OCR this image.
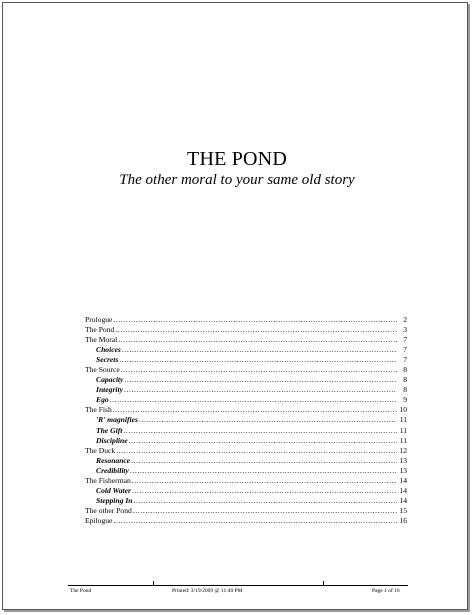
THE POND
The other moral to your same old story
Prologue .....	2
The Pond .....	3
The Moral .....	7
Choices .....	7
Secrets .....	7
The Source .....	8
Capacity .....	8
Integrity .....	8
Ego .....	9
The Fish .....	10
'R' magnifies .....	11
The Gift .....	11
Discipline .....	11
The Duck .....	12
Resonance .....	13
Credibility .....	13
The Fisherman .....	14
Cold Water .....	14
Stepping In .....	14
The other Pond .....	15
Epilogue .....	16
The Pond	Printed: 3/19/2009 @ 11:40 PM	Page 1 of 16
